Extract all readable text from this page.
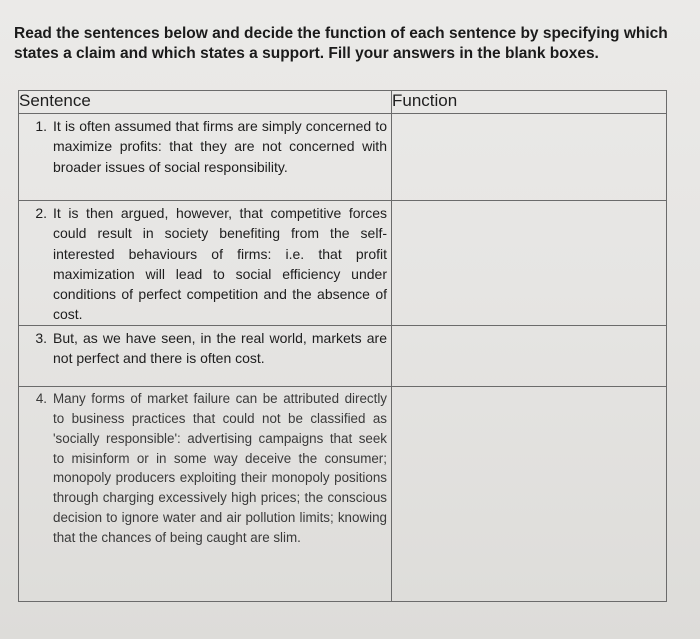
Read the sentences below and decide the function of each sentence by specifying which states a claim and which states a support. Fill your answers in the blank boxes.

Sentence	Function

1. It is often assumed that firms are simply concerned to maximize profits: that they are not concerned with broader issues of social responsibility.	

2. It is then argued, however, that competitive forces could result in society benefiting from the self-interested behaviours of firms: i.e. that profit maximization will lead to social efficiency under conditions of perfect competition and the absence of cost.	

3. But, as we have seen, in the real world, markets are not perfect and there is often cost.	

4. Many forms of market failure can be attributed directly to business practices that could not be classified as 'socially responsible': advertising campaigns that seek to misinform or in some way deceive the consumer; monopoly producers exploiting their monopoly positions through charging excessively high prices; the conscious decision to ignore water and air pollution limits; knowing that the chances of being caught are slim.	
